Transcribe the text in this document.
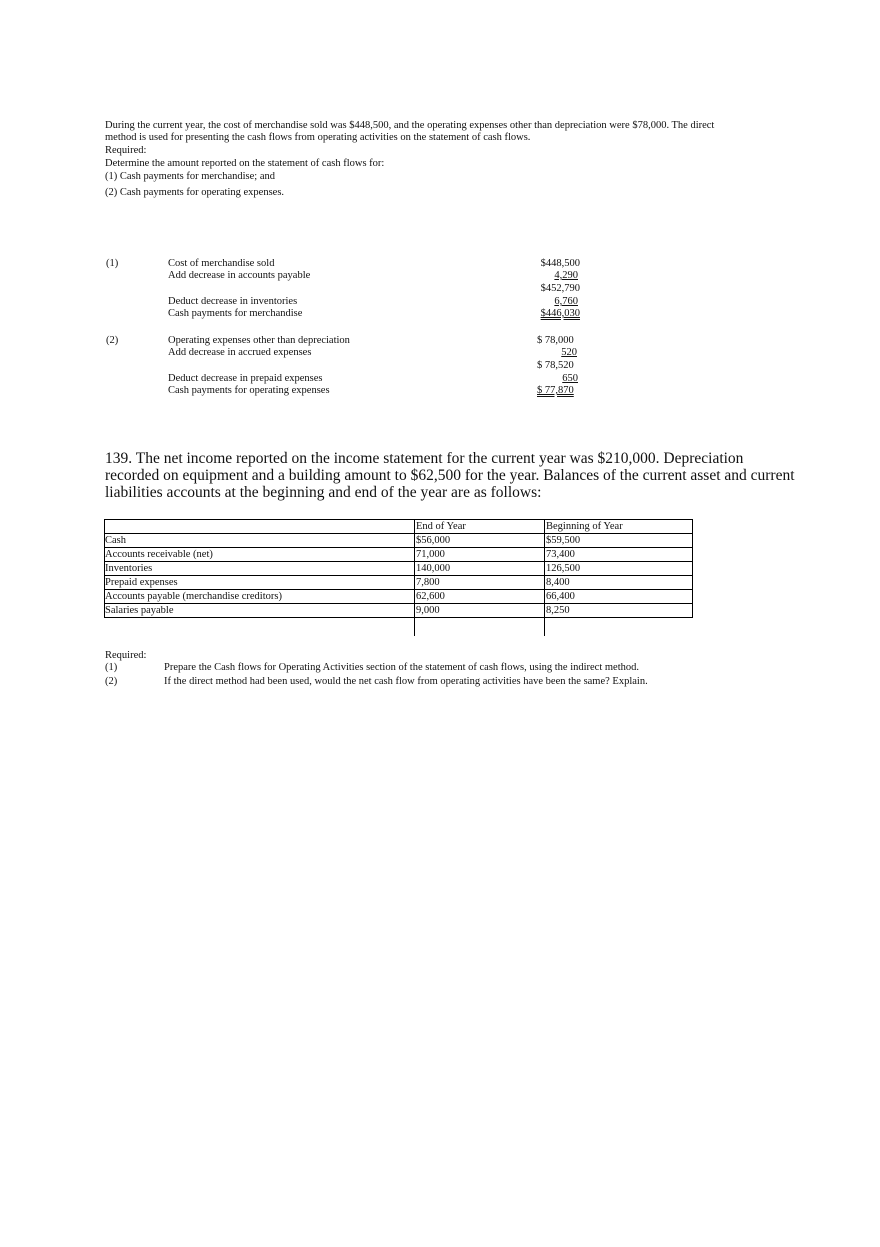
During the current year, the cost of merchandise sold was $448,500, and the operating expenses other than depreciation were $78,000. The direct
method is used for presenting the cash flows from operating activities on the statement of cash flows.
Required:
Determine the amount reported on the statement of cash flows for:
(1) Cash payments for merchandise; and
(2) Cash payments for operating expenses.
(1)	Cost of merchandise sold	$448,500
Add decrease in accounts payable	4,290
$452,790
Deduct decrease in inventories	6,760
Cash payments for merchandise	$446,030
(2)	Operating expenses other than depreciation	$ 78,000
Add decrease in accrued expenses	520
$ 78,520
Deduct decrease in prepaid expenses	650
Cash payments for operating expenses	$ 77,870
139. The net income reported on the income statement for the current year was $210,000. Depreciation
recorded on equipment and a building amount to $62,500 for the year. Balances of the current asset and current
liabilities accounts at the beginning and end of the year are as follows:
End of Year	Beginning of Year
Cash	$56,000	$59,500
Accounts receivable (net)	71,000	73,400
Inventories	140,000	126,500
Prepaid expenses	7,800	8,400
Accounts payable (merchandise creditors)	62,600	66,400
Salaries payable	9,000	8,250
Required:
(1)	Prepare the Cash flows for Operating Activities section of the statement of cash flows, using the indirect method.
(2)	If the direct method had been used, would the net cash flow from operating activities have been the same? Explain.
